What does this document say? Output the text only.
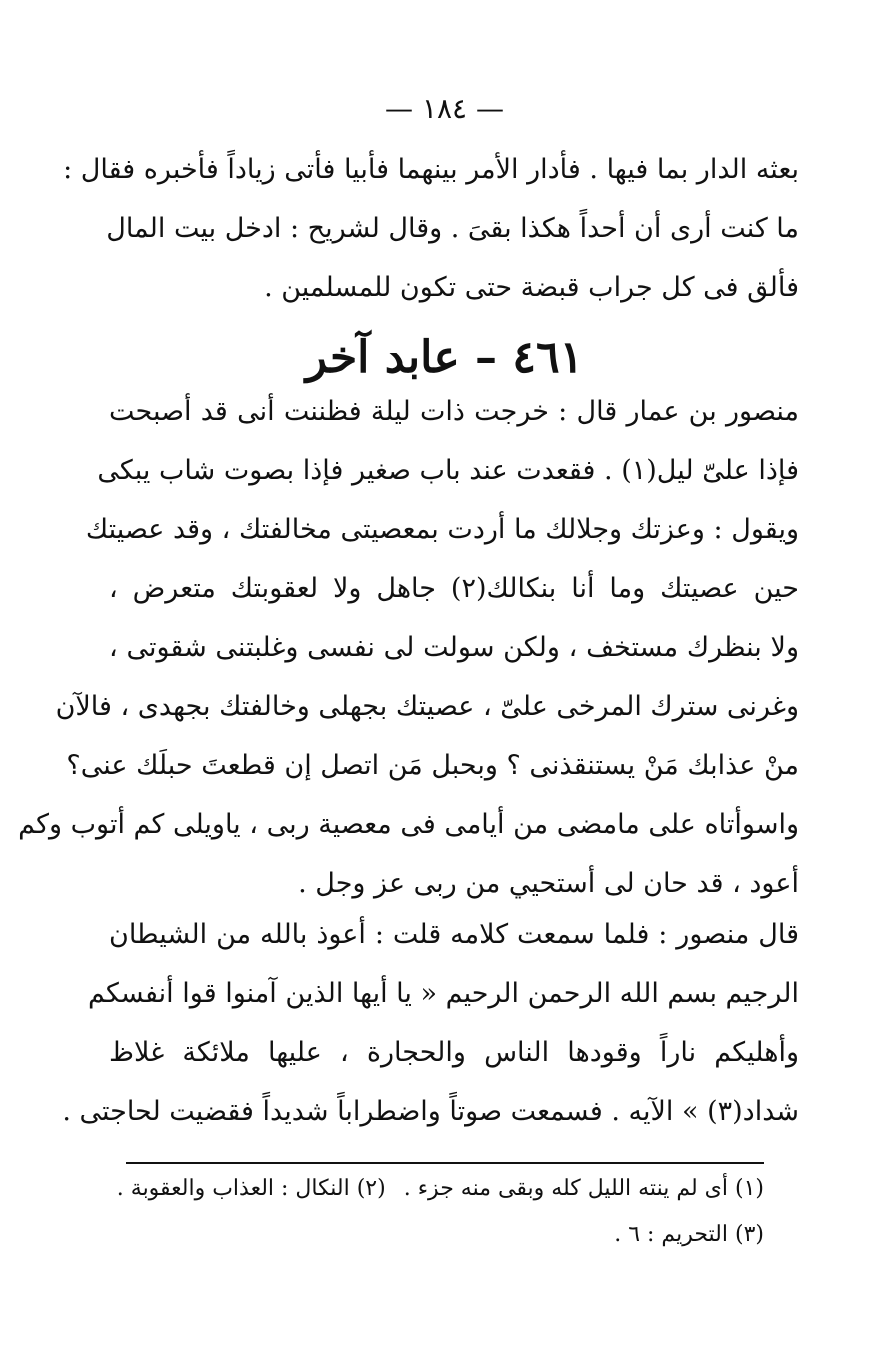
— ١٨٤ —
بعثه الدار بما فيها . فأدار الأمر بينهما فأبيا فأتى زياداً فأخبره فقال :
ما كنت أرى أن أحداً هكذا بقىَ . وقال لشريح : ادخل بيت المال
فألق فى كل جراب قبضة حتى تكون للمسلمين .
٤٦١ – عابد آخر
منصور بن عمار قال : خرجت ذات ليلة فظننت أنى قد أصبحت
فإذا علىّ ليل(١) . فقعدت عند باب صغير فإذا بصوت شاب يبكى
ويقول : وعزتك وجلالك ما أردت بمعصيتى مخالفتك ، وقد عصيتك
حين عصيتك وما أنا بنكالك(٢) جاهل ولا لعقوبتك متعرض ،
ولا بنظرك مستخف ، ولكن سولت لى نفسى وغلبتنى شقوتى ،
وغرنى سترك المرخى علىّ ، عصيتك بجهلى وخالفتك بجهدى ، فالآن
منْ عذابك مَنْ يستنقذنى ؟ وبحبل مَن اتصل إن قطعتَ حبلَك عنى؟
واسوأتاه على مامضى من أيامى فى معصية ربى ، ياويلى كم أتوب وكم
أعود ، قد حان لى أستحيي من ربى عز وجل .
قال منصور : فلما سمعت كلامه قلت : أعوذ بالله من الشيطان
الرجيم بسم الله الرحمن الرحيم « يا أيها الذين آمنوا قوا أنفسكم
وأهليكم ناراً وقودها الناس والحجارة ، عليها ملائكة غلاظ
شداد(٣) » الآيه . فسمعت صوتاً واضطراباً شديداً فقضيت لحاجتى .
(١) أى لم ينته الليل كله وبقى منه جزء .(٢) النكال : العذاب والعقوبة .
(٣) التحريم : ٦ .
